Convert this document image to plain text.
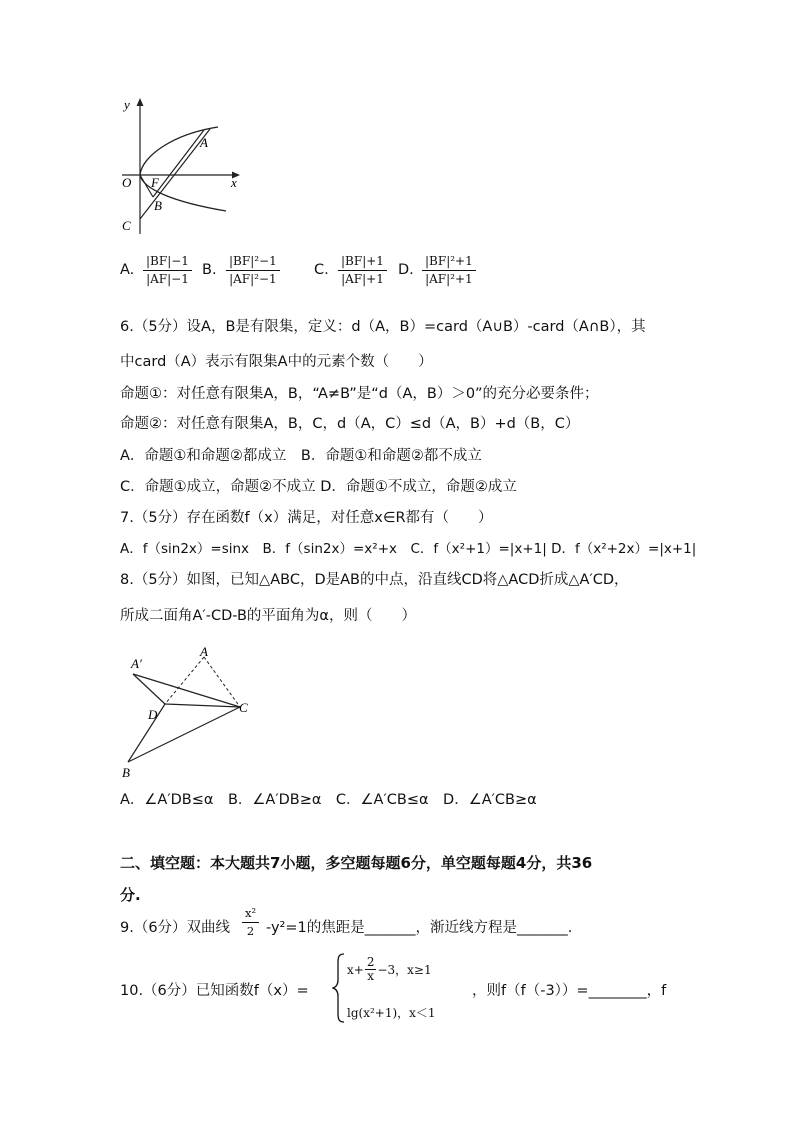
y
x
O F
A
B
C
A. $\frac{|BF|-1}{|AF|-1} B$. $\frac{\text{|BF|²−1}}{\text{|AF|²−1}} C$. $\frac{|BF|+1}{|AF|+1} D$. $\frac{\text{|BF|²+1}}{\text{|AF|²+1}}$
6.（5分）设A，B是有限集，定义：d（A，B）=card（A∪B）-card（A∩B），其
中card（A）表示有限集A中的元素个数（　　）
命题①：对任意有限集A，B，“A≠B”是“d（A，B）＞0”的充分必要条件；
命题②：对任意有限集A，B，C，d（A，C）≤d（A，B）+d（B，C）
A．命题①和命题②都成立　B．命题①和命题②都不成立
C．命题①成立，命题②不成立 D．命题①不成立，命题②成立
7.（5分）存在函数f（x）满足，对任意x∈R都有（　　）
A．f（sin2x）=sinx　B．f（sin2x）=x²+x　C．f（x²+1）=|x+1| D．f（x²+2x）=|x+1|
8.（5分）如图，已知△ABC，D是AB的中点，沿直线CD将△ACD折成△A′CD，
所成二面角A′-CD-B的平面角为α，则（　　）
A′
A
D	C
B
A．∠A′DB≤α　B．∠A′DB≥α　C．∠A′CB≤α　D．∠A′CB≥α
二、填空题：本大题共7小题，多空题每题6分，单空题每题4分，共36
分.
9.（6分）双曲线 $\frac{\text{x²}}{2} -y^2=1$的焦距是_______，渐近线方程是_______.
10.（6分）已知函数f（x）=
$x+ \frac{2}{x} -3$，x≥1
lg(x²+1)，x＜1
，则f（f（-3））=________，f
